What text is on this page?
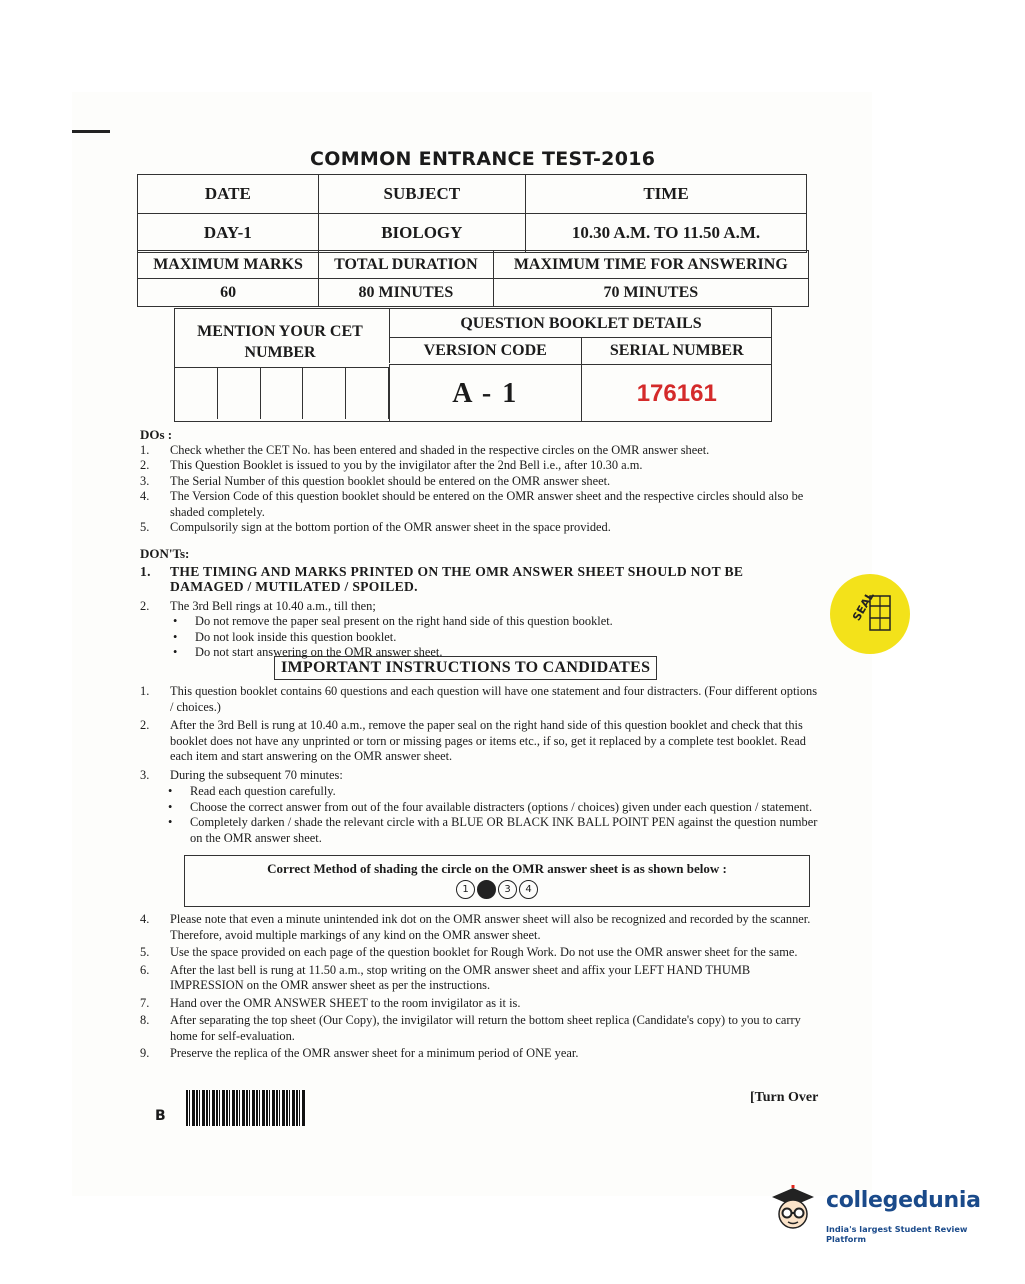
COMMON ENTRANCE TEST-2016
DATE	SUBJECT	TIME
DAY-1	BIOLOGY	10.30 A.M. TO 11.50 A.M.
MAXIMUM MARKS	TOTAL DURATION	MAXIMUM TIME FOR ANSWERING
60	80 MINUTES	70 MINUTES
MENTION YOUR CET NUMBER
QUESTION BOOKLET DETAILS
VERSION CODE	SERIAL NUMBER
A - 1	176161
DOs :
1.	Check whether the CET No. has been entered and shaded in the respective circles on the OMR answer sheet.
2.	This Question Booklet is issued to you by the invigilator after the 2nd Bell i.e., after 10.30 a.m.
3.	The Serial Number of this question booklet should be entered on the OMR answer sheet.
4.	The Version Code of this question booklet should be entered on the OMR answer sheet and the respective circles should also be shaded completely.
5.	Compulsorily sign at the bottom portion of the OMR answer sheet in the space provided.
DON'Ts:
1.	THE TIMING AND MARKS PRINTED ON THE OMR ANSWER SHEET SHOULD NOT BE DAMAGED / MUTILATED / SPOILED.
2.	The 3rd Bell rings at 10.40 a.m., till then;
•	Do not remove the paper seal present on the right hand side of this question booklet.
•	Do not look inside this question booklet.
•	Do not start answering on the OMR answer sheet.
IMPORTANT INSTRUCTIONS TO CANDIDATES
1.	This question booklet contains 60 questions and each question will have one statement and four distracters. (Four different options / choices.)
2.	After the 3rd Bell is rung at 10.40 a.m., remove the paper seal on the right hand side of this question booklet and check that this booklet does not have any unprinted or torn or missing pages or items etc., if so, get it replaced by a complete test booklet. Read each item and start answering on the OMR answer sheet.
3.	During the subsequent 70 minutes:
•	Read each question carefully.
•	Choose the correct answer from out of the four available distracters (options / choices) given under each question / statement.
•	Completely darken / shade the relevant circle with a BLUE OR BLACK INK BALL POINT PEN against the question number on the OMR answer sheet.
Correct Method of shading the circle on the OMR answer sheet is as shown below :
1	3	4
4.	Please note that even a minute unintended ink dot on the OMR answer sheet will also be recognized and recorded by the scanner. Therefore, avoid multiple markings of any kind on the OMR answer sheet.
5.	Use the space provided on each page of the question booklet for Rough Work. Do not use the OMR answer sheet for the same.
6.	After the last bell is rung at 11.50 a.m., stop writing on the OMR answer sheet and affix your LEFT HAND THUMB IMPRESSION on the OMR answer sheet as per the instructions.
7.	Hand over the OMR ANSWER SHEET to the room invigilator as it is.
8.	After separating the top sheet (Our Copy), the invigilator will return the bottom sheet replica (Candidate's copy) to you to carry home for self-evaluation.
9.	Preserve the replica of the OMR answer sheet for a minimum period of ONE year.
B
[Turn Over
SEAL
collegedunia
India's largest Student Review Platform
